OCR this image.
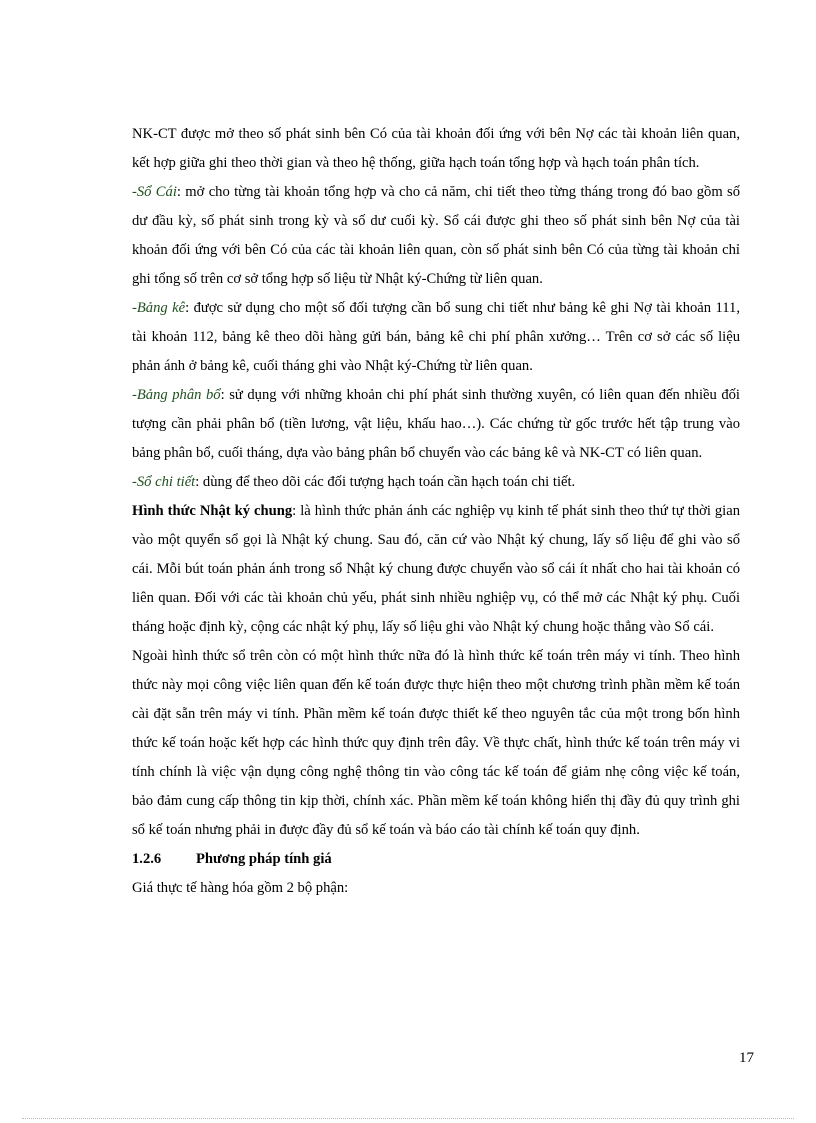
NK-CT được mở theo số phát sinh bên Có của tài khoản đối ứng với bên Nợ các tài khoản liên quan, kết hợp giữa ghi theo thời gian và theo hệ thống, giữa hạch toán tổng hợp và hạch toán phân tích.

-Sổ Cái: mở cho từng tài khoản tổng hợp và cho cả năm, chi tiết theo từng tháng trong đó bao gồm số dư đầu kỳ, số phát sinh trong kỳ và số dư cuối kỳ. Sổ cái được ghi theo số phát sinh bên Nợ của tài khoản đối ứng với bên Có của các tài khoản liên quan, còn số phát sinh bên Có của từng tài khoản chỉ ghi tổng số trên cơ sở tổng hợp số liệu từ Nhật ký-Chứng từ liên quan.

-Bảng kê: được sử dụng cho một số đối tượng cần bổ sung chi tiết như bảng kê ghi Nợ tài khoản 111, tài khoản 112, bảng kê theo dõi hàng gửi bán, bảng kê chi phí phân xưởng… Trên cơ sở các số liệu phản ánh ở bảng kê, cuối tháng ghi vào Nhật ký-Chứng từ liên quan.

-Bảng phân bổ: sử dụng với những khoản chi phí phát sinh thường xuyên, có liên quan đến nhiều đối tượng cần phải phân bổ (tiền lương, vật liệu, khấu hao…). Các chứng từ gốc trước hết tập trung vào bảng phân bổ, cuối tháng, dựa vào bảng phân bổ chuyển vào các bảng kê và NK-CT có liên quan.

-Sổ chi tiết: dùng để theo dõi các đối tượng hạch toán cần hạch toán chi tiết.

Hình thức Nhật ký chung: là hình thức phản ánh các nghiệp vụ kinh tế phát sinh theo thứ tự thời gian vào một quyển sổ gọi là Nhật ký chung. Sau đó, căn cứ vào Nhật ký chung, lấy số liệu để ghi vào sổ cái. Mỗi bút toán phản ánh trong sổ Nhật ký chung được chuyển vào sổ cái ít nhất cho hai tài khoản có liên quan. Đối với các tài khoản chủ yếu, phát sinh nhiều nghiệp vụ, có thể mở các Nhật ký phụ. Cuối tháng hoặc định kỳ, cộng các nhật ký phụ, lấy số liệu ghi vào Nhật ký chung hoặc thẳng vào Sổ cái.

Ngoài hình thức sổ trên còn có một hình thức nữa đó là hình thức kế toán trên máy vi tính. Theo hình thức này mọi công việc liên quan đến kế toán được thực hiện theo một chương trình phần mềm kế toán cài đặt sẵn trên máy vi tính. Phần mềm kế toán được thiết kế theo nguyên tắc của một trong bốn hình thức kế toán hoặc kết hợp các hình thức quy định trên đây. Về thực chất, hình thức kế toán trên máy vi tính chính là việc vận dụng công nghệ thông tin vào công tác kế toán để giảm nhẹ công việc kế toán, bảo đảm cung cấp thông tin kịp thời, chính xác. Phần mềm kế toán không hiển thị đầy đủ quy trình ghi sổ kế toán nhưng phải in được đầy đủ sổ kế toán và báo cáo tài chính kế toán quy định.

1.2.6 Phương pháp tính giá

Giá thực tế hàng hóa gồm 2 bộ phận:

17
